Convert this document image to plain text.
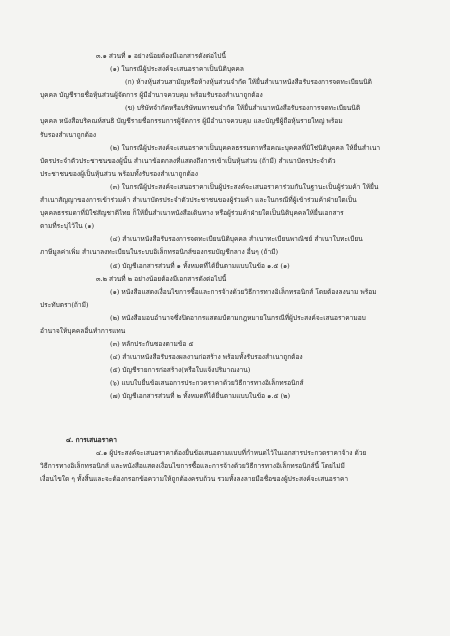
๓.๑ ส่วนที่ ๑ อย่างน้อยต้องมีเอกสารดังต่อไปนี้
(๑) ในกรณีผู้ประสงค์จะเสนอราคาเป็นนิติบุคคล
(ก) ห้างหุ้นส่วนสามัญหรือห้างหุ้นส่วนจำกัด ให้ยื่นสำเนาหนังสือรับรองการจดทะเบียนนิติ
บุคคล บัญชีรายชื่อหุ้นส่วนผู้จัดการ ผู้มีอำนาจควบคุม พร้อมรับรองสำเนาถูกต้อง
(ข) บริษัทจำกัดหรือบริษัทมหาชนจำกัด ให้ยื่นสำเนาหนังสือรับรองการจดทะเบียนนิติ
บุคคล หนังสือบริคณห์สนธิ บัญชีรายชื่อกรรมการผู้จัดการ ผู้มีอำนาจควบคุม และบัญชีผู้ถือหุ้นรายใหญ่ พร้อม
รับรองสำเนาถูกต้อง
(๒) ในกรณีผู้ประสงค์จะเสนอราคาเป็นบุคคลธรรมดาหรือคณะบุคคลที่มิใช่นิติบุคคล ให้ยื่นสำเนา
บัตรประจำตัวประชาชนของผู้นั้น สำเนาข้อตกลงที่แสดงถึงการเข้าเป็นหุ้นส่วน (ถ้ามี) สำเนาบัตรประจำตัว
ประชาชนของผู้เป็นหุ้นส่วน พร้อมทั้งรับรองสำเนาถูกต้อง
(๓) ในกรณีผู้ประสงค์จะเสนอราคาเป็นผู้ประสงค์จะเสนอราคาร่วมกันในฐานะเป็นผู้ร่วมค้า ให้ยื่น
สำเนาสัญญาของการเข้าร่วมค้า สำเนาบัตรประจำตัวประชาชนของผู้ร่วมค้า และในกรณีที่ผู้เข้าร่วมค้าฝ่ายใดเป็น
บุคคลธรรมดาที่มิใช่สัญชาติไทย ก็ให้ยื่นสำเนาหนังสือเดินทาง หรือผู้ร่วมค้าฝ่ายใดเป็นนิติบุคคลให้ยื่นเอกสาร
ตามที่ระบุไว้ใน (๑)
(๔) สำเนาหนังสือรับรองการจดทะเบียนนิติบุคคล สำเนาทะเบียนพาณิชย์ สำเนาใบทะเบียน
ภาษีมูลค่าเพิ่ม สำเนาลงทะเบียนในระบบอิเล็กทรอนิกส์ของกรมบัญชีกลาง อื่นๆ (ถ้ามี)
(๕) บัญชีเอกสารส่วนที่ ๑ ทั้งหมดที่ได้ยื่นตามแบบในข้อ ๑.๕ (๑)
๓.๒ ส่วนที่ ๒ อย่างน้อยต้องมีเอกสารดังต่อไปนี้
(๑) หนังสือแสดงเงื่อนไขการซื้อและการจ้างด้วยวิธีการทางอิเล็กทรอนิกส์ โดยต้องลงนาม พร้อม
ประทับตรา(ถ้ามี)
(๒) หนังสือมอบอำนาจซึ่งปิดอากรแสตมป์ตามกฎหมายในกรณีที่ผู้ประสงค์จะเสนอราคามอบ
อำนาจให้บุคคลอื่นทำการแทน
(๓) หลักประกันซองตามข้อ ๕
(๔) สำเนาหนังสือรับรองผลงานก่อสร้าง พร้อมทั้งรับรองสำเนาถูกต้อง
(๕) บัญชีรายการก่อสร้าง(หรือใบแจ้งปริมาณงาน)
(๖) แบบใบยื่นข้อเสนอการประกวดราคาด้วยวิธีการทางอิเล็กทรอนิกส์
(๗) บัญชีเอกสารส่วนที่ ๒ ทั้งหมดที่ได้ยื่นตามแบบในข้อ ๑.๕ (๒)
๔. การเสนอราคา
๔.๑ ผู้ประสงค์จะเสนอราคาต้องยื่นข้อเสนอตามแบบที่กำหนดไว้ในเอกสารประกวดราคาจ้าง ด้วย
วิธีการทางอิเล็กทรอนิกส์ และหนังสือแสดงเงื่อนไขการซื้อและการจ้างด้วยวิธีการทางอิเล็กทรอนิกส์นี้ โดยไม่มี
เงื่อนไขใด ๆ ทั้งสิ้นและจะต้องกรอกข้อความให้ถูกต้องครบถ้วน รวมทั้งลงลายมือชื่อของผู้ประสงค์จะเสนอราคา
